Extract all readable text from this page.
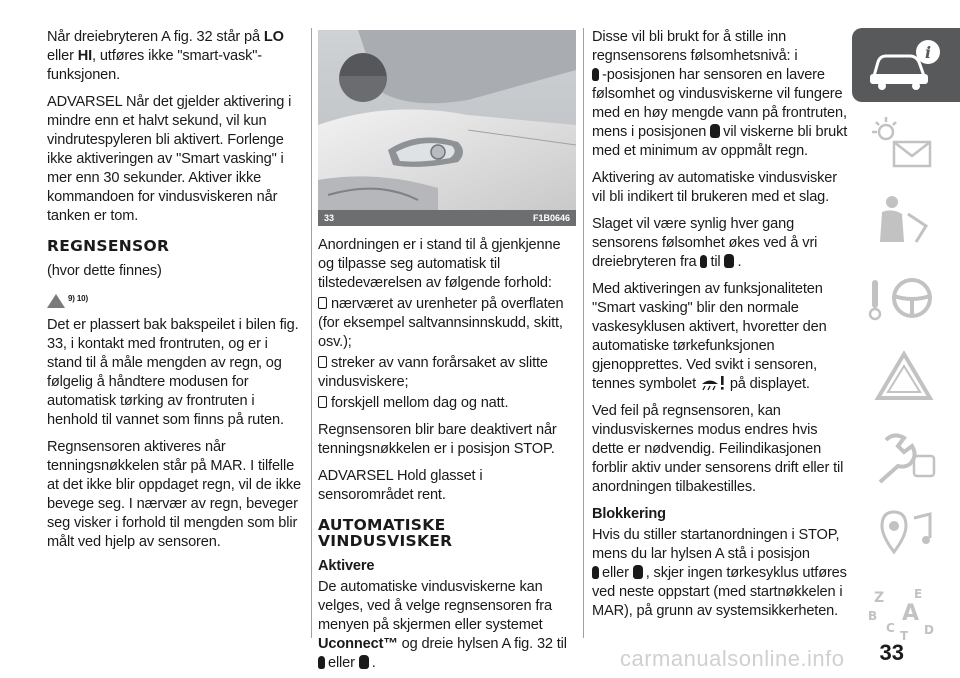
Når dreiebryteren A fig. 32 står på LO eller HI, utføres ikke "smart-vask"- funksjonen.

ADVARSEL Når det gjelder aktivering i mindre enn et halvt sekund, vil kun vindrutespyleren bli aktivert. Forlenge ikke aktiveringen av "Smart vasking" i mer enn 30 sekunder. Aktiver ikke kommandoen for vindusviskeren når tanken er tom.

REGNSENSOR

(hvor dette finnes)

$^{9) 10)}$

Det er plassert bak bakspeilet i bilen fig. 33, i kontakt med frontruten, og er i stand til å måle mengden av regn, og følgelig å håndtere modusen for automatisk tørking av frontruten i henhold til vannet som finns på ruten.

Regnsensoren aktiveres når tenningsnøkkelen står på MAR. I tilfelle at det ikke blir oppdaget regn, vil de ikke bevege seg. I nærvær av regn, beveger seg visker i forhold til mengden som blir målt ved hjelp av sensoren.

33	F1B0646

Anordningen er i stand til å gjenkjenne og tilpasse seg automatisk til tilstedeværelsen av følgende forhold:

nærværet av urenheter på overflaten (for eksempel saltvannsinnskudd, skitt, osv.);

streker av vann forårsaket av slitte vindusviskere;

forskjell mellom dag og natt.

Regnsensoren blir bare deaktivert når tenningsnøkkelen er i posisjon STOP.

ADVARSEL Hold glasset i sensorområdet rent.

AUTOMATISKE VINDUSVISKER
Aktivere

De automatiske vindusviskerne kan velges, ved å velge regnsensoren fra menyen på skjermen eller systemet Uconnect™ og dreie hylsen A fig. 32 til
eller .

Disse vil bli brukt for å stille inn regnsensorens følsomhetsnivå: i
-posisjonen har sensoren en lavere følsomhet og vindusviskerne vil fungere med en høy mengde vann på frontruten, mens i posisjonen vil viskerne bli brukt med et minimum av oppmålt regn.

Aktivering av automatiske vindusvisker vil bli indikert til brukeren med et slag.

Slaget vil være synlig hver gang sensorens følsomhet økes ved å vri dreiebryteren fra til .

Med aktiveringen av funksjonaliteten "Smart vasking" blir den normale vaskesyklusen aktivert, hvoretter den automatiske tørkefunksjonen gjenopprettes. Ved svikt i sensoren, tennes symbolet på displayet.

Ved feil på regnsensoren, kan vindusviskernes modus endres hvis dette er nødvendig. Feilindikasjonen forblir aktiv under sensorens drift eller til anordningen tilbakestilles.

Blokkering

Hvis du stiller startanordningen i STOP, mens du lar hylsen A stå i posisjon
eller , skjer ingen tørkesyklus utføres ved neste oppstart (med startnøkkelen i MAR), på grunn av systemsikkerheten.

i
Z E
B A
C D
T
33
carmanualsonline.info
